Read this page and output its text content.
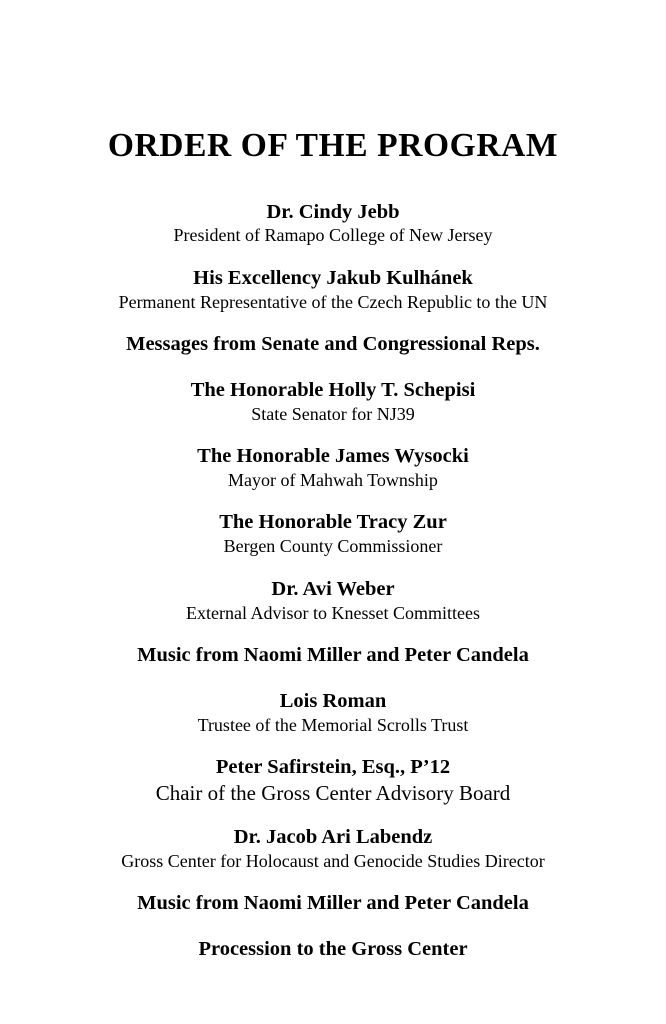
ORDER OF THE PROGRAM
Dr. Cindy Jebb
President of Ramapo College of New Jersey
His Excellency Jakub Kulhánek
Permanent Representative of the Czech Republic to the UN
Messages from Senate and Congressional Reps.
The Honorable Holly T. Schepisi
State Senator for NJ39
The Honorable James Wysocki
Mayor of Mahwah Township
The Honorable Tracy Zur
Bergen County Commissioner
Dr. Avi Weber
External Advisor to Knesset Committees
Music from Naomi Miller and Peter Candela
Lois Roman
Trustee of the Memorial Scrolls Trust
Peter Safirstein, Esq., P’12
Chair of the Gross Center Advisory Board
Dr. Jacob Ari Labendz
Gross Center for Holocaust and Genocide Studies Director
Music from Naomi Miller and Peter Candela
Procession to the Gross Center
